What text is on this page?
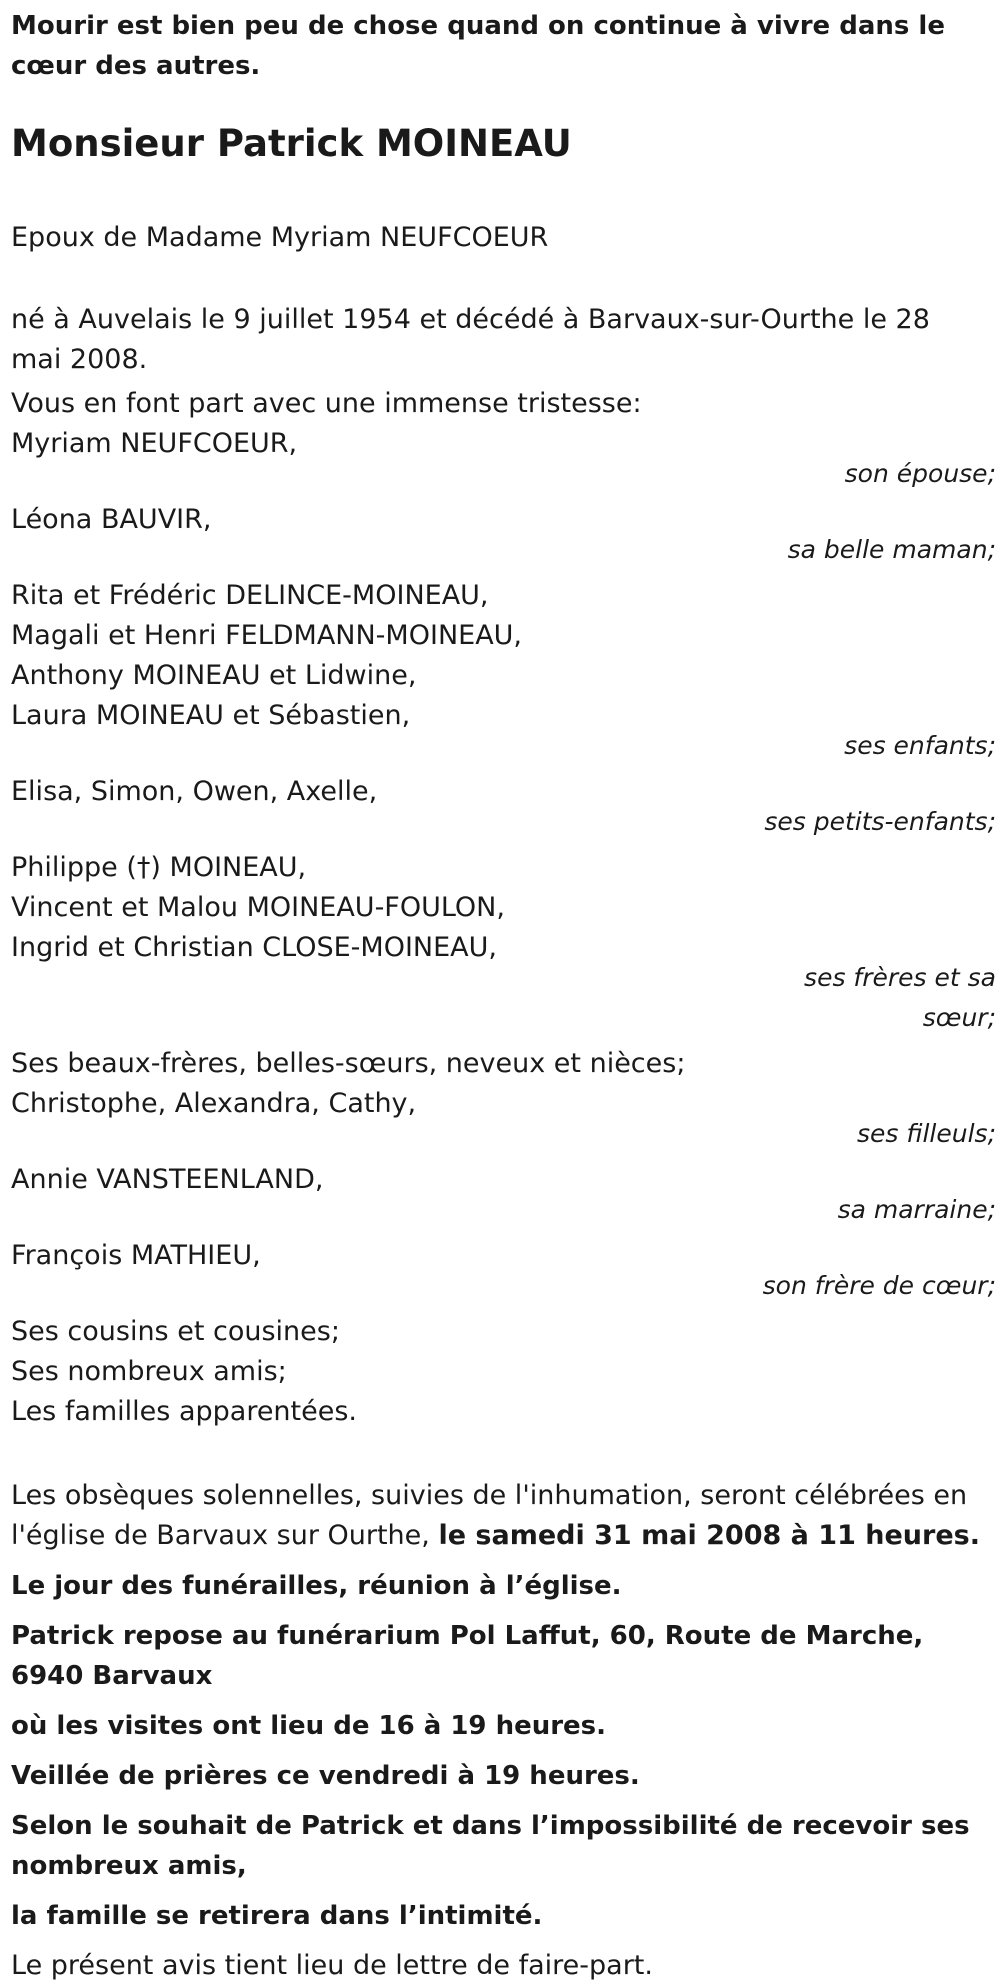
Mourir est bien peu de chose quand on continue à vivre dans le cœur des autres.

Monsieur Patrick MOINEAU

Epoux de Madame Myriam NEUFCOEUR

né à Auvelais le 9 juillet 1954 et décédé à Barvaux-sur-Ourthe le 28 mai 2008.

Vous en font part avec une immense tristesse:

Myriam NEUFCOEUR,

son épouse;

Léona BAUVIR,

sa belle maman;

Rita et Frédéric DELINCE-MOINEAU,

Magali et Henri FELDMANN-MOINEAU,

Anthony MOINEAU et Lidwine,

Laura MOINEAU et Sébastien,

ses enfants;

Elisa, Simon, Owen, Axelle,

ses petits-enfants;

Philippe (†) MOINEAU,

Vincent et Malou MOINEAU-FOULON,

Ingrid et Christian CLOSE-MOINEAU,

ses frères et sa sœur;

Ses beaux-frères, belles-sœurs, neveux et nièces;

Christophe, Alexandra, Cathy,

ses filleuls;

Annie VANSTEENLAND,

sa marraine;

François MATHIEU,

son frère de cœur;

Ses cousins et cousines;

Ses nombreux amis;

Les familles apparentées.

Les obsèques solennelles, suivies de l'inhumation, seront célébrées en l'église de Barvaux sur Ourthe, le samedi 31 mai 2008 à 11 heures.

Le jour des funérailles, réunion à l’église.

Patrick repose au funérarium Pol Laffut, 60, Route de Marche, 6940 Barvaux

où les visites ont lieu de 16 à 19 heures.

Veillée de prières ce vendredi à 19 heures.

Selon le souhait de Patrick et dans l’impossibilité de recevoir ses nombreux amis,

la famille se retirera dans l’intimité.

Le présent avis tient lieu de lettre de faire-part.
